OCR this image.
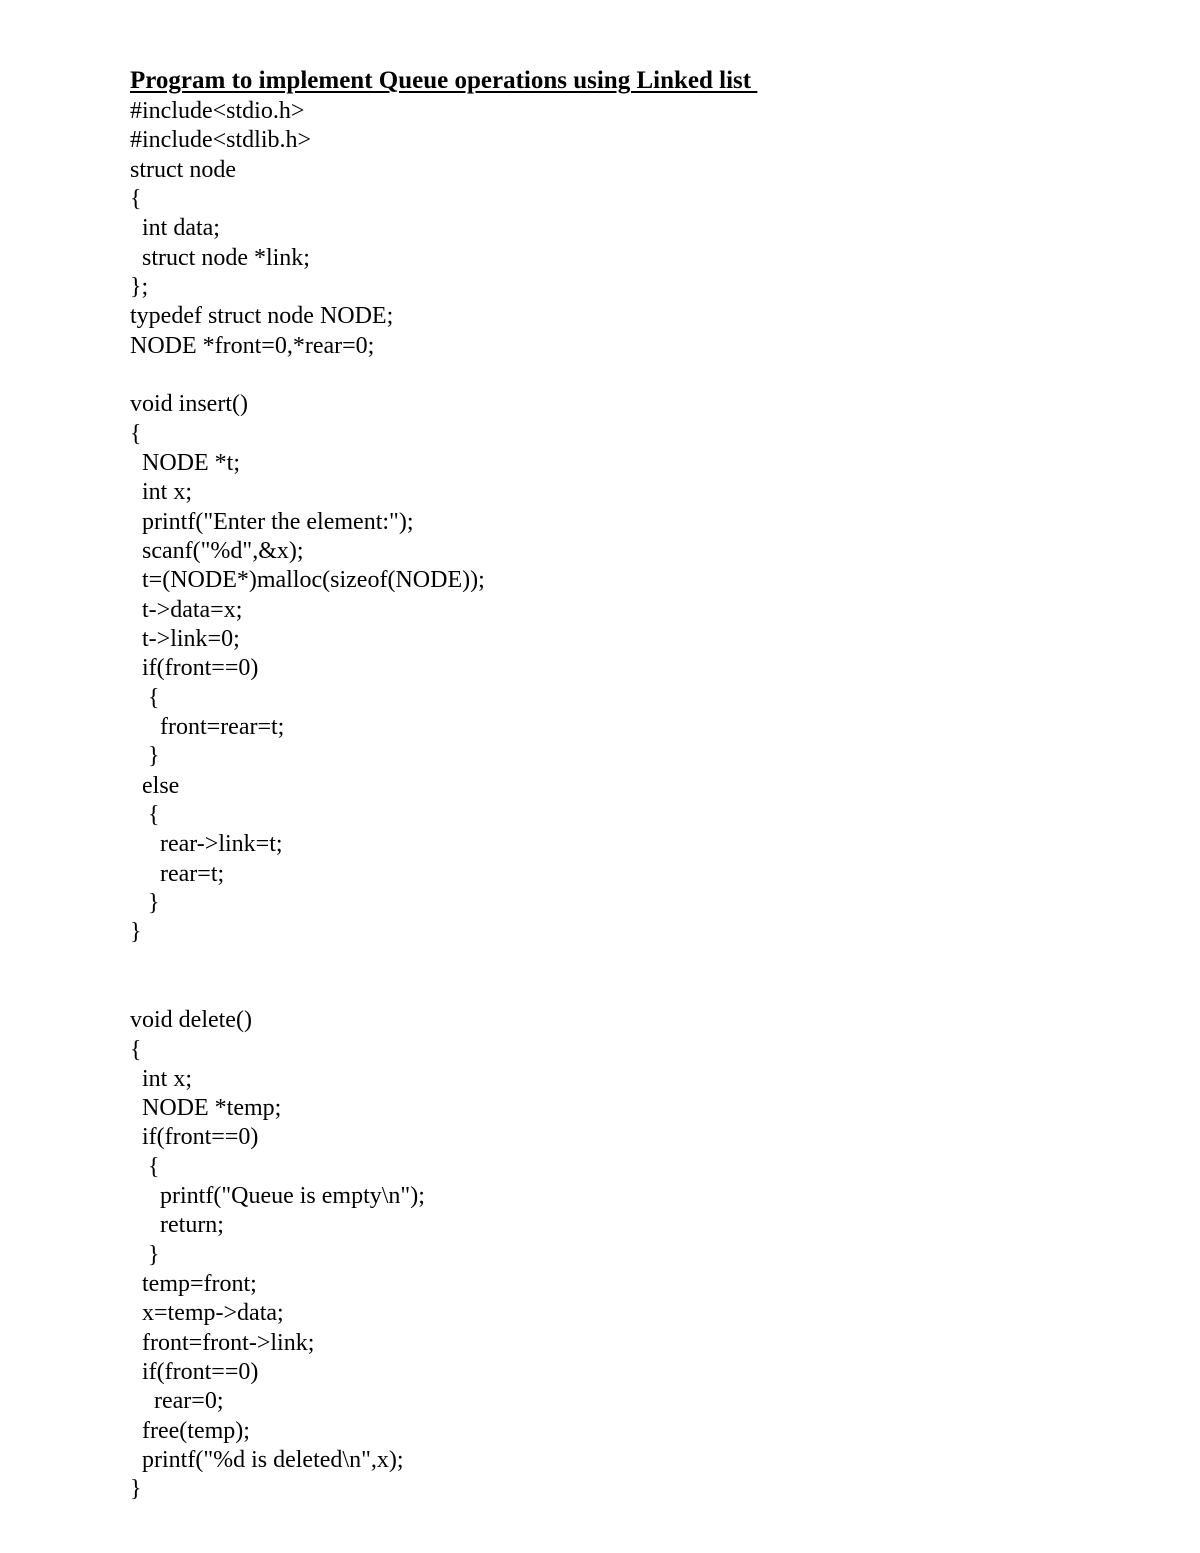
Program to implement Queue operations using Linked list
#include<stdio.h>
#include<stdlib.h>
struct node
{
int data;
struct node *link;
};
typedef struct node NODE;
NODE *front=0,*rear=0;
void insert()
{
NODE *t;
int x;
printf("Enter the element:");
scanf("%d",&x);
t=(NODE*)malloc(sizeof(NODE));
t->data=x;
t->link=0;
if(front==0)
{
front=rear=t;
}
else
{
rear->link=t;
rear=t;
}
}
void delete()
{
int x;
NODE *temp;
if(front==0)
{
printf("Queue is empty\n");
return;
}
temp=front;
x=temp->data;
front=front->link;
if(front==0)
rear=0;
free(temp);
printf("%d is deleted\n",x);
}
